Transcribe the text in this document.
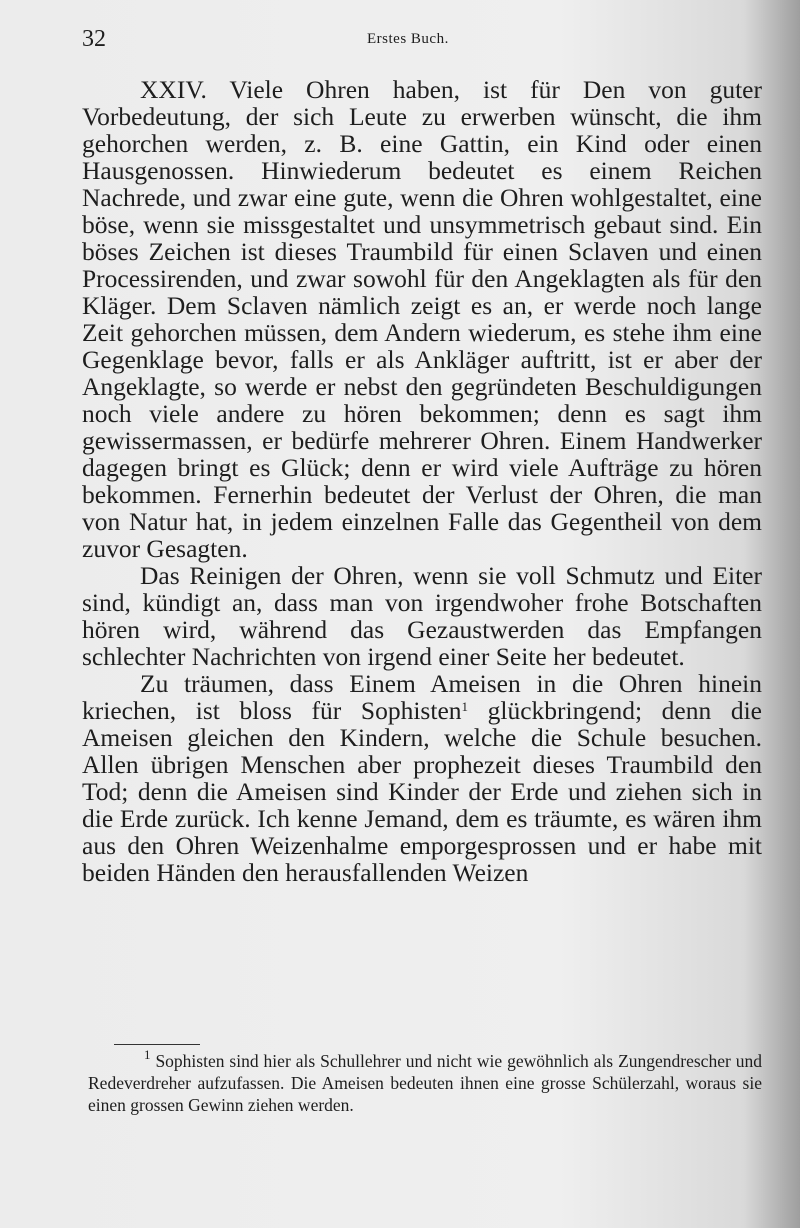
32	Erstes Buch.

XXIV. Viele Ohren haben, ist für Den von guter Vorbedeutung, der sich Leute zu erwerben wünscht, die ihm gehorchen werden, z. B. eine Gattin, ein Kind oder einen Hausgenossen. Hinwiederum bedeutet es einem Reichen Nachrede, und zwar eine gute, wenn die Ohren wohlgestaltet, eine böse, wenn sie missgestaltet und unsymmetrisch gebaut sind. Ein böses Zeichen ist dieses Traumbild für einen Sclaven und einen Processirenden, und zwar sowohl für den Angeklagten als für den Kläger. Dem Sclaven nämlich zeigt es an, er werde noch lange Zeit gehorchen müssen, dem Andern wiederum, es stehe ihm eine Gegenklage bevor, falls er als Ankläger auftritt, ist er aber der Angeklagte, so werde er nebst den gegründeten Beschuldigungen noch viele andere zu hören bekommen; denn es sagt ihm gewissermassen, er bedürfe mehrerer Ohren. Einem Handwerker dagegen bringt es Glück; denn er wird viele Aufträge zu hören bekommen. Fernerhin bedeutet der Verlust der Ohren, die man von Natur hat, in jedem einzelnen Falle das Gegentheil von dem zuvor Gesagten.

Das Reinigen der Ohren, wenn sie voll Schmutz und Eiter sind, kündigt an, dass man von irgendwoher frohe Botschaften hören wird, während das Gezaustwerden das Empfangen schlechter Nachrichten von irgend einer Seite her bedeutet.

Zu träumen, dass Einem Ameisen in die Ohren hinein kriechen, ist bloss für Sophisten$^1$ glückbringend; denn die Ameisen gleichen den Kindern, welche die Schule besuchen. Allen übrigen Menschen aber prophezeit dieses Traumbild den Tod; denn die Ameisen sind Kinder der Erde und ziehen sich in die Erde zurück. Ich kenne Jemand, dem es träumte, es wären ihm aus den Ohren Weizenhalme emporgesprossen und er habe mit beiden Händen den herausfallenden Weizen

$^1$ Sophisten sind hier als Schullehrer und nicht wie gewöhnlich als Zungendrescher und Redeverdreher aufzufassen. Die Ameisen bedeuten ihnen eine grosse Schülerzahl, woraus sie einen grossen Gewinn ziehen werden.
